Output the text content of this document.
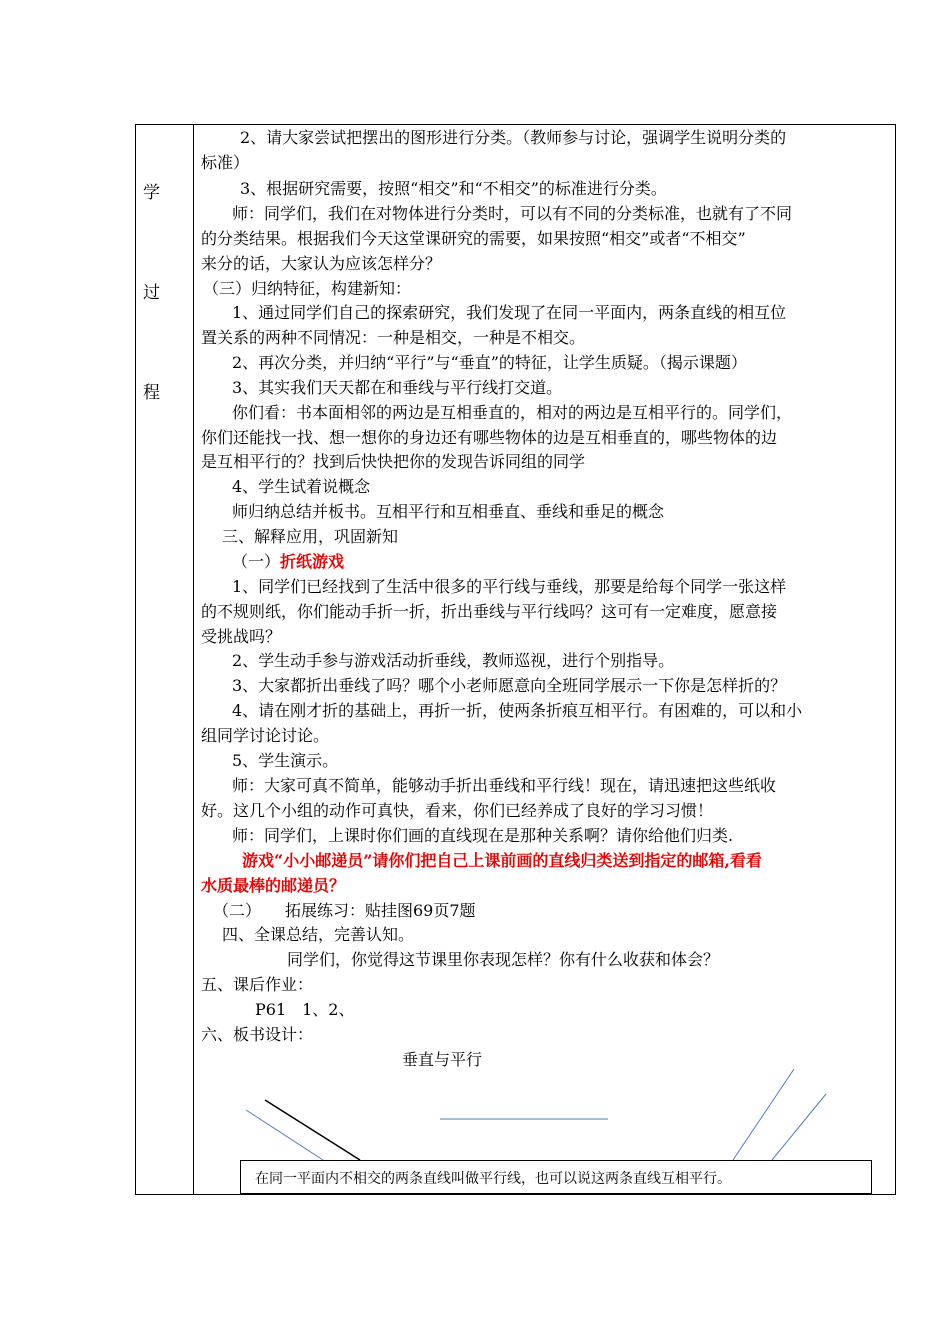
学
过
程
2、请大家尝试把摆出的图形进行分类。（教师参与讨论，强调学生说明分类的
标准）
3、根据研究需要，按照“相交”和“不相交”的标准进行分类。
师：同学们，我们在对物体进行分类时，可以有不同的分类标准，也就有了不同
的分类结果。根据我们今天这堂课研究的需要，如果按照“相交”或者“不相交”
来分的话，大家认为应该怎样分？
（三）归纳特征，构建新知：
1、通过同学们自己的探索研究，我们发现了在同一平面内，两条直线的相互位
置关系的两种不同情况：一种是相交，一种是不相交。
2、再次分类，并归纳“平行”与“垂直”的特征，让学生质疑。（揭示课题）
3、其实我们天天都在和垂线与平行线打交道。
你们看：书本面相邻的两边是互相垂直的，相对的两边是互相平行的。同学们，
你们还能找一找、想一想你的身边还有哪些物体的边是互相垂直的，哪些物体的边
是互相平行的？找到后快快把你的发现告诉同组的同学
4、学生试着说概念
师归纳总结并板书。互相平行和互相垂直、垂线和垂足的概念
三、解释应用，巩固新知
（一）折纸游戏
1、同学们已经找到了生活中很多的平行线与垂线，那要是给每个同学一张这样
的不规则纸，你们能动手折一折，折出垂线与平行线吗？这可有一定难度，愿意接
受挑战吗？
2、学生动手参与游戏活动折垂线，教师巡视，进行个别指导。
3、大家都折出垂线了吗？哪个小老师愿意向全班同学展示一下你是怎样折的？
4、请在刚才折的基础上，再折一折，使两条折痕互相平行。有困难的，可以和小
组同学讨论讨论。
5、学生演示。
师：大家可真不简单，能够动手折出垂线和平行线！现在，请迅速把这些纸收
好。这几个小组的动作可真快，看来，你们已经养成了良好的学习习惯！
师：同学们，上课时你们画的直线现在是那种关系啊？请你给他们归类.
游戏“小小邮递员”请你们把自己上课前画的直线归类送到指定的邮箱,看看
水质最棒的邮递员？
（二）　　拓展练习：贴挂图69页7题
四、全课总结，完善认知。
同学们，你觉得这节课里你表现怎样？你有什么收获和体会？
五、课后作业：
P61　1、2、
六、板书设计：
垂直与平行
在同一平面内不相交的两条直线叫做平行线，也可以说这两条直线互相平行。
